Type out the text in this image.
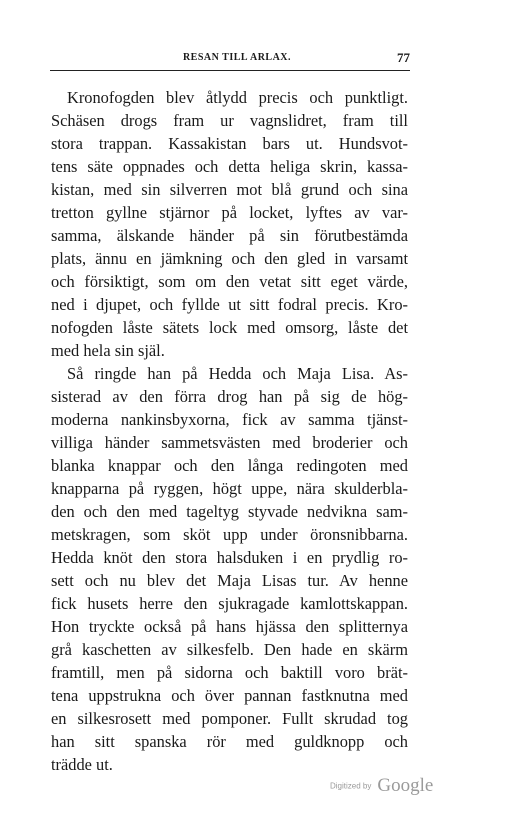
RESAN TILL ARLAX.	77
Kronofogden blev åtlydd precis och punktligt.
Schäsen drogs fram ur vagnslidret, fram till
stora trappan. Kassakistan bars ut. Hundsvot-
tens säte oppnades och detta heliga skrin, kassa-
kistan, med sin silverren mot blå grund och sina
tretton gyllne stjärnor på locket, lyftes av var-
samma, älskande händer på sin förutbestämda
plats, ännu en jämkning och den gled in varsamt
och försiktigt, som om den vetat sitt eget värde,
ned i djupet, och fyllde ut sitt fodral precis. Kro-
nofogden låste sätets lock med omsorg, låste det
med hela sin själ.
Så ringde han på Hedda och Maja Lisa. As-
sisterad av den förra drog han på sig de hög-
moderna nankinsbyxorna, fick av samma tjänst-
villiga händer sammetsvästen med broderier och
blanka knappar och den långa redingoten med
knapparna på ryggen, högt uppe, nära skulderbla-
den och den med tageltyg styvade nedvikna sam-
metskragen, som sköt upp under öronsnibbarna.
Hedda knöt den stora halsduken i en prydlig ro-
sett och nu blev det Maja Lisas tur. Av henne
fick husets herre den sjukragade kamlottskappan.
Hon tryckte också på hans hjässa den splitternya
grå kaschetten av silkesfelb. Den hade en skärm
framtill, men på sidorna och baktill voro brät-
tena uppstrukna och över pannan fastknutna med
en silkesrosett med pomponer. Fullt skrudad tog
han sitt spanska rör med guldknopp och
trädde ut.
Digitized by Google
